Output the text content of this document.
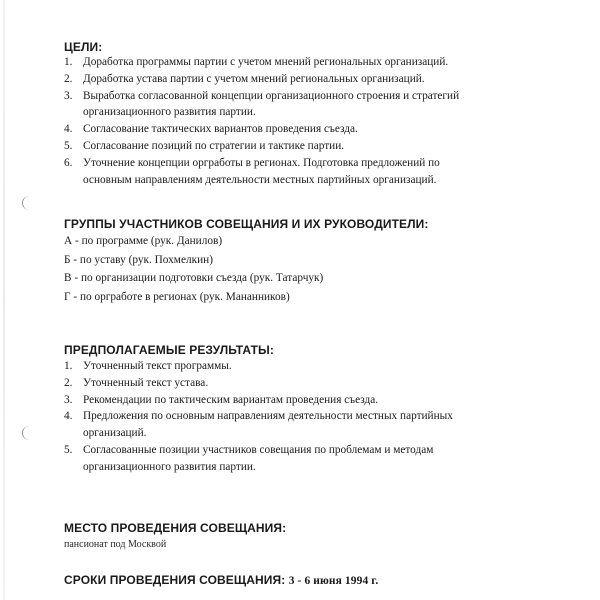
ЦЕЛИ:
1. Доработка программы партии с учетом мнений региональных организаций.
2. Доработка устава партии с учетом мнений региональных организаций.
3. Выработка согласованной концепции организационного строения и стратегий
организационного развития партии.
4. Согласование тактических вариантов проведения съезда.
5. Согласование позиций по стратегии и тактике партии.
6. Уточнение концепции оргработы в регионах. Подготовка предложений по
основным направлениям деятельности местных партийных организаций.
ГРУППЫ УЧАСТНИКОВ СОВЕЩАНИЯ И ИХ РУКОВОДИТЕЛИ:
А - по программе (рук. Данилов)
Б - по уставу (рук. Похмелкин)
В - по организации подготовки съезда (рук. Татарчук)
Г - по оргработе в регионах (рук. Мананников)
ПРЕДПОЛАГАЕМЫЕ РЕЗУЛЬТАТЫ:
1. Уточненный текст программы.
2. Уточненный текст устава.
3. Рекомендации по тактическим вариантам проведения съезда.
4. Предложения по основным направлениям деятельности местных партийных
организаций.
5. Согласованные позиции участников совещания по проблемам и методам
организационного развития партии.
МЕСТО ПРОВЕДЕНИЯ СОВЕЩАНИЯ:
пансионат под Москвой
СРОКИ ПРОВЕДЕНИЯ СОВЕЩАНИЯ: 3 - 6 июня 1994 г.
